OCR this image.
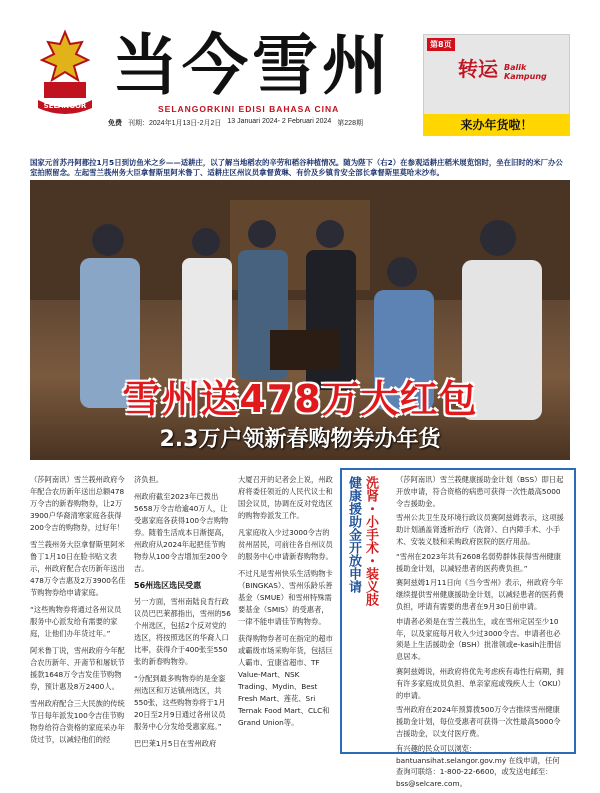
SELANGOR
当今雪州
SELANGORKINI EDISI BAHASA CINA
免费 刊期：2024年1月13日-2月2日 13 Januari 2024- 2 Februari 2024 第228期
第8页
转运 Balik Kampung
来办年货啦！
国家元首苏丹阿都拉1月5日到访鱼米之乡——适耕庄，以了解当地稻农的辛劳和稻谷种植情况。随为陛下（右2）在参观适耕庄稻米展览馆时，坐在旧时的米厂办公室拍照留念。左起雪兰莪州务大臣拿督斯里阿米鲁丁、适耕庄区州议员拿督黄琳、有价及乡镇肯安全部长拿督斯里莫哈末沙布。
雪州送478万大红包
2.3万户领新春购物券办年货

（莎阿南讯）雪兰莪州政府今年配合农历新年送出总额478万令吉的新春购物券，让2万3900户华裔清寒家庭各获得200令吉的购物券，过好年！

雪兰莪州务大臣拿督斯里阿米鲁丁1月10日在脸书贴文表示，州政府配合农历新年送出478万令吉惠及2万3900名佳节购物券给申请家庭。

“这些购物券将通过各州议员服务中心派发给有需要的家庭，让他们办年货过年。”

阿米鲁丁说，雪州政府今年配合农历新年、开斋节和屠妖节援款1648万令吉发佳节购物券，预计惠及8万2400人。

雪州政府配合三大民族的传统节日每年派发100令吉佳节购物券给符合资格的家庭采办年货过节，以减轻他们的经

济负担。

州政府截至2023年已拨出5658万令吉给逾40万人，让受惠家庭各获得100令吉购物券。随着生活成本日渐提高，州政府从2024年起把佳节购物券从100令吉增加至200令吉。

56州选区选民受惠

另一方面，雪州南陆良肯行政议员巴巴莱都指出，雪州的56个州选区，包括2个反对党的选区，将按照选区的华裔人口比率，获得介于400张至550张的新春购物券。

“分配到最多购物券的是金銮州选区和万达镇州选区，共550张，这些购物券将于1月20日至2月9日通过各州议员服务中心分发给受惠家庭。”

巴巴莱1月5日在雪州政府

大厦召开的记者会上说，州政府将委任领近的人民代议士和国会议员，协调在反对党选区的购物券派发工作。

凡家庭收入少过3000令吉的贫州居民，可前往各自州议员的服务中心申请新春购物券。

不过凡是雪州快乐生活购物卡（BINGKAS）、雪州乐龄乐善基金（SMUE）和雪州特殊需要基金（SMIS）的受惠者，一律不能申请佳节购物券。

获得购物券者可在指定的超市或霸级市场采购年货，包括巨人霸市、宜康省超市、TF Value-Mart、NSK Trading、Mydin、Best Fresh Mart、莲花、Sri Ternak Food Mart、CLC和Grand Union等。

健康援助金开放申请 洗肾・小手术・装义肢 （莎阿南讯）雪兰莪健康援助金计划（BSS）即日起开放申请，符合资格的病患可获得一次性最高5000令吉援助金。

雪州公共卫生及环境行政议员赛阿兹姆表示，这项援助计划涵盖肾透析治疗（洗肾）、白内障手术、小手术、安装义肢和采购政府医院的医疗用品。

“雪州在2023年共有2608名弱势群体获得雪州健康援助金计划，以减轻患者的医药费负担。”

赛阿兹姆1月11日向《当今雪州》表示，州政府今年继续提供雪州健康援助金计划，以减轻患者的医药费负担，呼请有需要的患者在9月30日前申请。

申请者必须是在雪兰莪出生，或在雪州定居至少10年，以及家庭每月收入少过3000令吉。申请者也必须是上生活援助金（BSH）批准领或e-kasih注册信息居本。

赛阿兹姆说，州政府将优先考虑疾有毒性行病期，拥有许多家庭成员负担、单亲家庭或残疾人士（OKU）的申请。

雪州政府在2024年预算拨500万令吉推续雪州健康援助金计划，每位受惠者可获得一次性最高5000令吉援助金，以支付医疗费。

有兴趣的民众可以浏览：bantuansihat.selangor.gov.my 在线申请，任何查询可联络：1-800-22-6600，或发送电邮至：bss@selcare.com。
